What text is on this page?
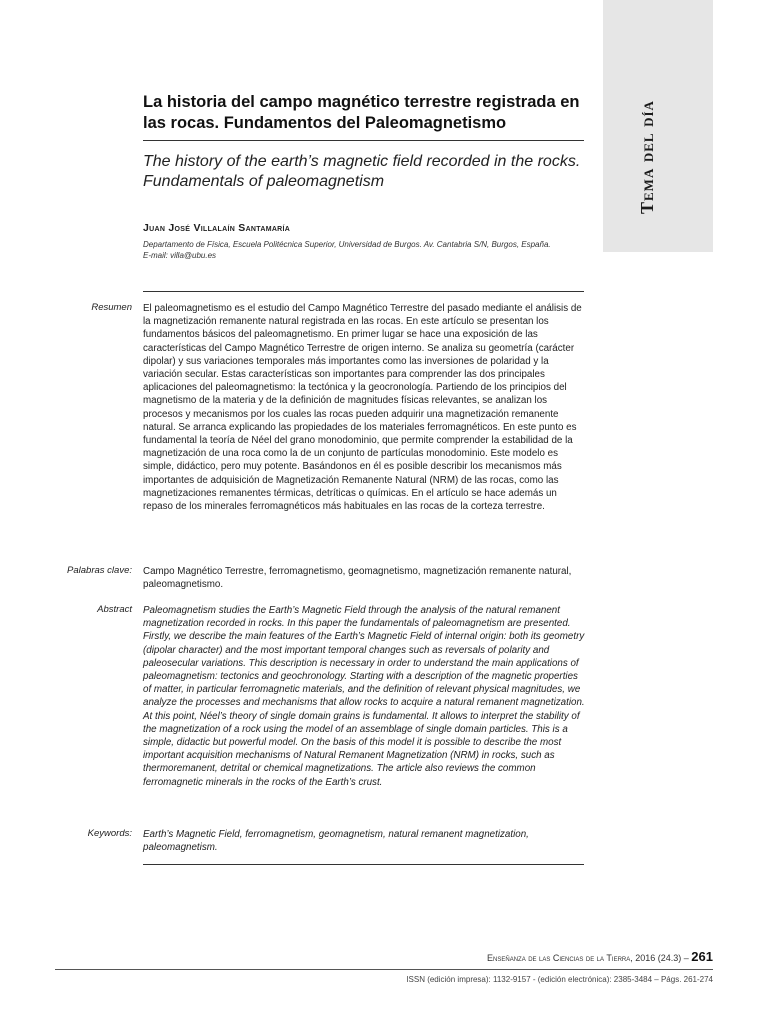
Tema del día
La historia del campo magnético terrestre registrada en las rocas. Fundamentos del Paleomagnetismo
The history of the earth’s magnetic field recorded in the rocks. Fundamentals of paleomagnetism
Juan José Villalaín Santamaría
Departamento de Física, Escuela Politécnica Superior, Universidad de Burgos. Av. Cantabria S/N, Burgos, España.
E-mail: villa@ubu.es
Resumen El paleomagnetismo es el estudio del Campo Magnético Terrestre del pasado mediante el análisis de la magnetización remanente natural registrada en las rocas. En este artículo se presentan los fundamentos básicos del paleomagnetismo. En primer lugar se hace una exposición de las características del Campo Magnético Terrestre de origen interno. Se analiza su geometría (carácter dipolar) y sus variaciones temporales más importantes como las inversiones de polaridad y la variación secular. Estas características son importantes para comprender las dos principales aplicaciones del paleomagnetismo: la tectónica y la geocronología. Partiendo de los principios del magnetismo de la materia y de la definición de magnitudes físicas relevantes, se analizan los procesos y mecanismos por los cuales las rocas pueden adquirir una magnetización remanente natural. Se arranca explicando las propiedades de los materiales ferromagnéticos. En este punto es fundamental la teoría de Néel del grano monodominio, que permite comprender la estabilidad de la magnetización de una roca como la de un conjunto de partículas monodominio. Este modelo es simple, didáctico, pero muy potente. Basándonos en él es posible describir los mecanismos más importantes de adquisición de Magnetización Remanente Natural (NRM) de las rocas, como las magnetizaciones remanentes térmicas, detríticas o químicas. En el artículo se hace además un repaso de los minerales ferromagnéticos más habituales en las rocas de la corteza terrestre.
Palabras clave: Campo Magnético Terrestre, ferromagnetismo, geomagnetismo, magnetización remanente natural, paleomagnetismo.
Abstract Paleomagnetism studies the Earth’s Magnetic Field through the analysis of the natural remanent magnetization recorded in rocks. In this paper the fundamentals of paleomagnetism are presented. Firstly, we describe the main features of the Earth’s Magnetic Field of internal origin: both its geometry (dipolar character) and the most important temporal changes such as reversals of polarity and paleosecular variations. This description is necessary in order to understand the main applications of paleomagnetism: tectonics and geochronology. Starting with a description of the magnetic properties of matter, in particular ferromagnetic materials, and the definition of relevant physical magnitudes, we analyze the processes and mechanisms that allow rocks to acquire a natural remanent magnetization. At this point, Néel’s theory of single domain grains is fundamental. It allows to interpret the stability of the magnetization of a rock using the model of an assemblage of single domain particles. This is a simple, didactic but powerful model. On the basis of this model it is possible to describe the most important acquisition mechanisms of Natural Remanent Magnetization (NRM) in rocks, such as thermoremanent, detrital or chemical magnetizations. The article also reviews the common ferromagnetic minerals in the rocks of the Earth’s crust.
Keywords: Earth’s Magnetic Field, ferromagnetism, geomagnetism, natural remanent magnetization, paleomagnetism.
Enseñanza de las Ciencias de la Tierra, 2016 (24.3) – 261
ISSN (edición impresa): 1132-9157 - (edición electrónica): 2385-3484 – Págs. 261-274
